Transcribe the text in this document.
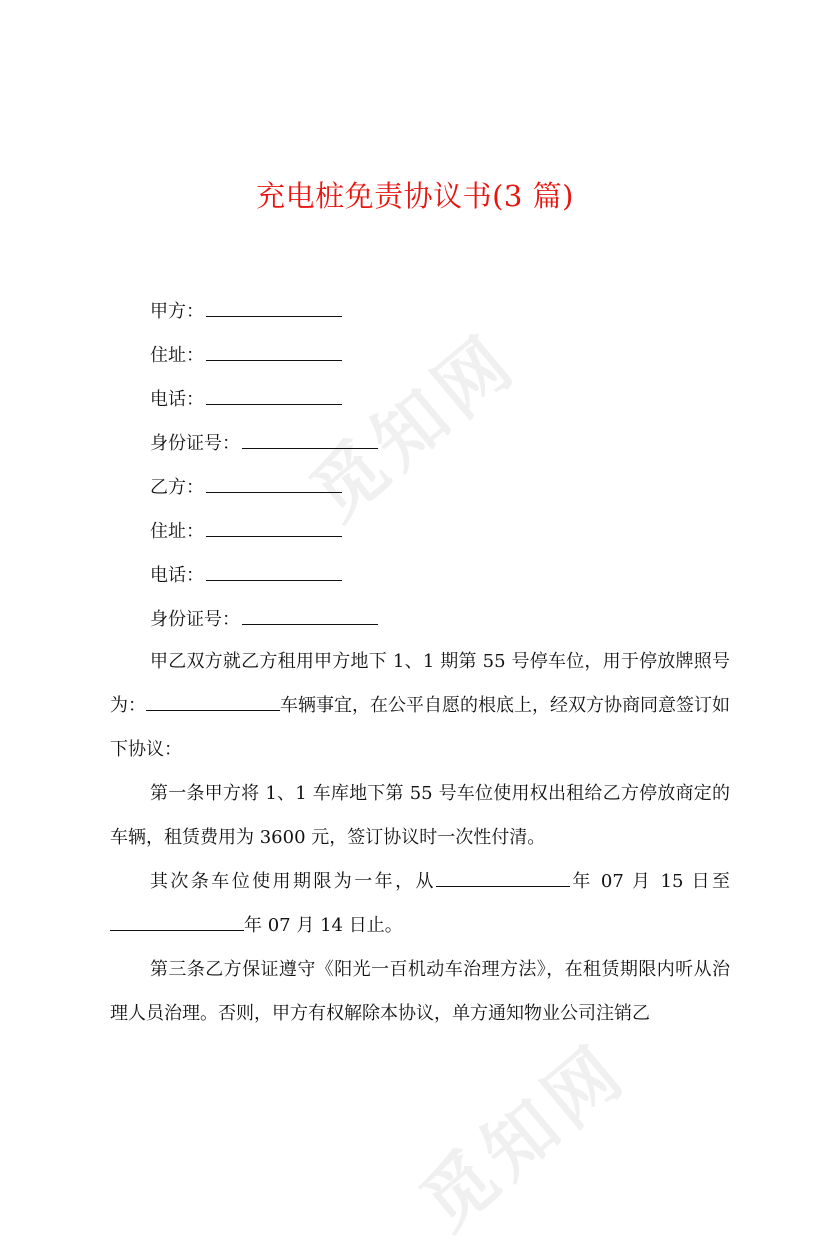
觅知网
觅知网
充电桩免责协议书(3 篇)
甲方：
住址：
电话：
身份证号：
乙方：
住址：
电话：
身份证号：

甲乙双方就乙方租用甲方地下 1、1 期第 55 号停车位，用于停放牌照号为：	车辆事宜，在公平自愿的根底上，经双方协商同意签订如下协议：

第一条甲方将 1、1 车库地下第 55 号车位使用权出租给乙方停放商定的车辆，租赁费用为 3600 元，签订协议时一次性付清。

其次条车位使用期限为一年，从	年 07 月 15 日至年 07 月 14 日止。

第三条乙方保证遵守《阳光一百机动车治理方法》，在租赁期限内听从治理人员治理。否则，甲方有权解除本协议，单方通知物业公司注销乙
